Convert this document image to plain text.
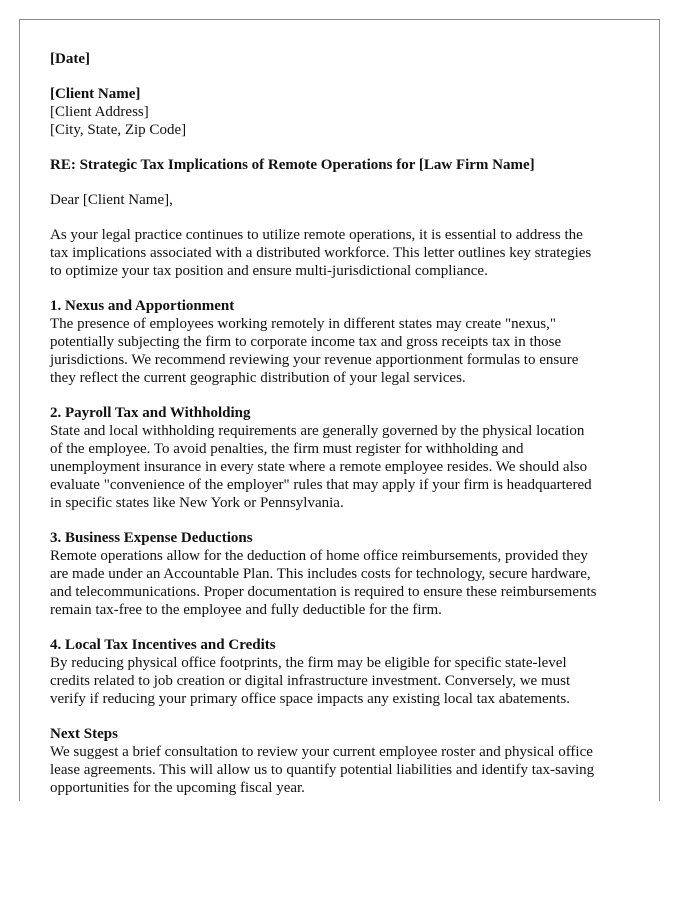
[Date]
[Client Name]
[Client Address]
[City, State, Zip Code]
RE: Strategic Tax Implications of Remote Operations for [Law Firm Name]
Dear [Client Name],
As your legal practice continues to utilize remote operations, it is essential to address the
tax implications associated with a distributed workforce. This letter outlines key strategies
to optimize your tax position and ensure multi-jurisdictional compliance.
1. Nexus and Apportionment
The presence of employees working remotely in different states may create "nexus,"
potentially subjecting the firm to corporate income tax and gross receipts tax in those
jurisdictions. We recommend reviewing your revenue apportionment formulas to ensure
they reflect the current geographic distribution of your legal services.
2. Payroll Tax and Withholding
State and local withholding requirements are generally governed by the physical location
of the employee. To avoid penalties, the firm must register for withholding and
unemployment insurance in every state where a remote employee resides. We should also
evaluate "convenience of the employer" rules that may apply if your firm is headquartered
in specific states like New York or Pennsylvania.
3. Business Expense Deductions
Remote operations allow for the deduction of home office reimbursements, provided they
are made under an Accountable Plan. This includes costs for technology, secure hardware,
and telecommunications. Proper documentation is required to ensure these reimbursements
remain tax-free to the employee and fully deductible for the firm.
4. Local Tax Incentives and Credits
By reducing physical office footprints, the firm may be eligible for specific state-level
credits related to job creation or digital infrastructure investment. Conversely, we must
verify if reducing your primary office space impacts any existing local tax abatements.
Next Steps
We suggest a brief consultation to review your current employee roster and physical office
lease agreements. This will allow us to quantify potential liabilities and identify tax-saving
opportunities for the upcoming fiscal year.
